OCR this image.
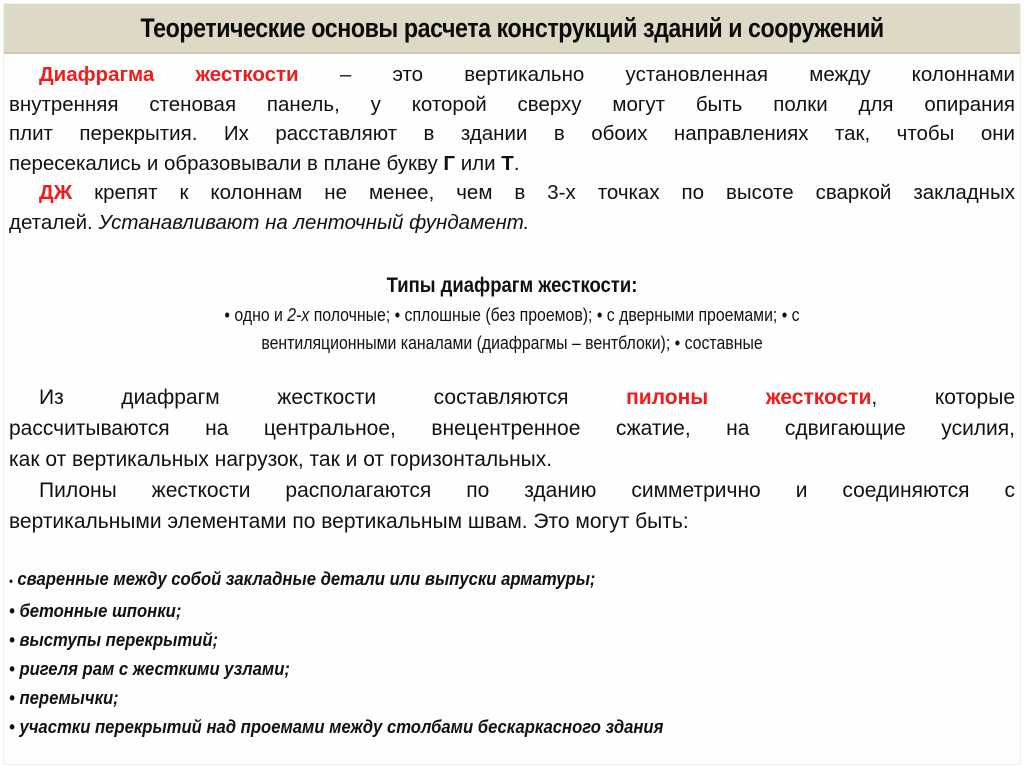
Теоретические основы расчета конструкций зданий и сооружений
Диафрагма жесткости – это вертикально установленная между колоннами
внутренняя стеновая панель, у которой сверху могут быть полки для опирания
плит перекрытия. Их расставляют в здании в обоих направлениях так, чтобы они
пересекались и образовывали в плане букву Г или Т.
ДЖ крепят к колоннам не менее, чем в 3-х точках по высоте сваркой закладных
деталей. Устанавливают на ленточный фундамент.
Типы диафрагм жесткости:
• одно и 2-х полочные; • сплошные (без проемов); • с дверными проемами; • с
вентиляционными каналами (диафрагмы – вентблоки); • составные
Из диафрагм жесткости составляются пилоны жесткости, которые
рассчитываются на центральное, внецентренное сжатие, на сдвигающие усилия,
как от вертикальных нагрузок, так и от горизонтальных.
Пилоны жесткости располагаются по зданию симметрично и соединяются с
вертикальными элементами по вертикальным швам. Это могут быть:
• сваренные между собой закладные детали или выпуски арматуры;
• бетонные шпонки;
• выступы перекрытий;
• ригеля рам с жесткими узлами;
• перемычки;
• участки перекрытий над проемами между столбами бескаркасного здания
